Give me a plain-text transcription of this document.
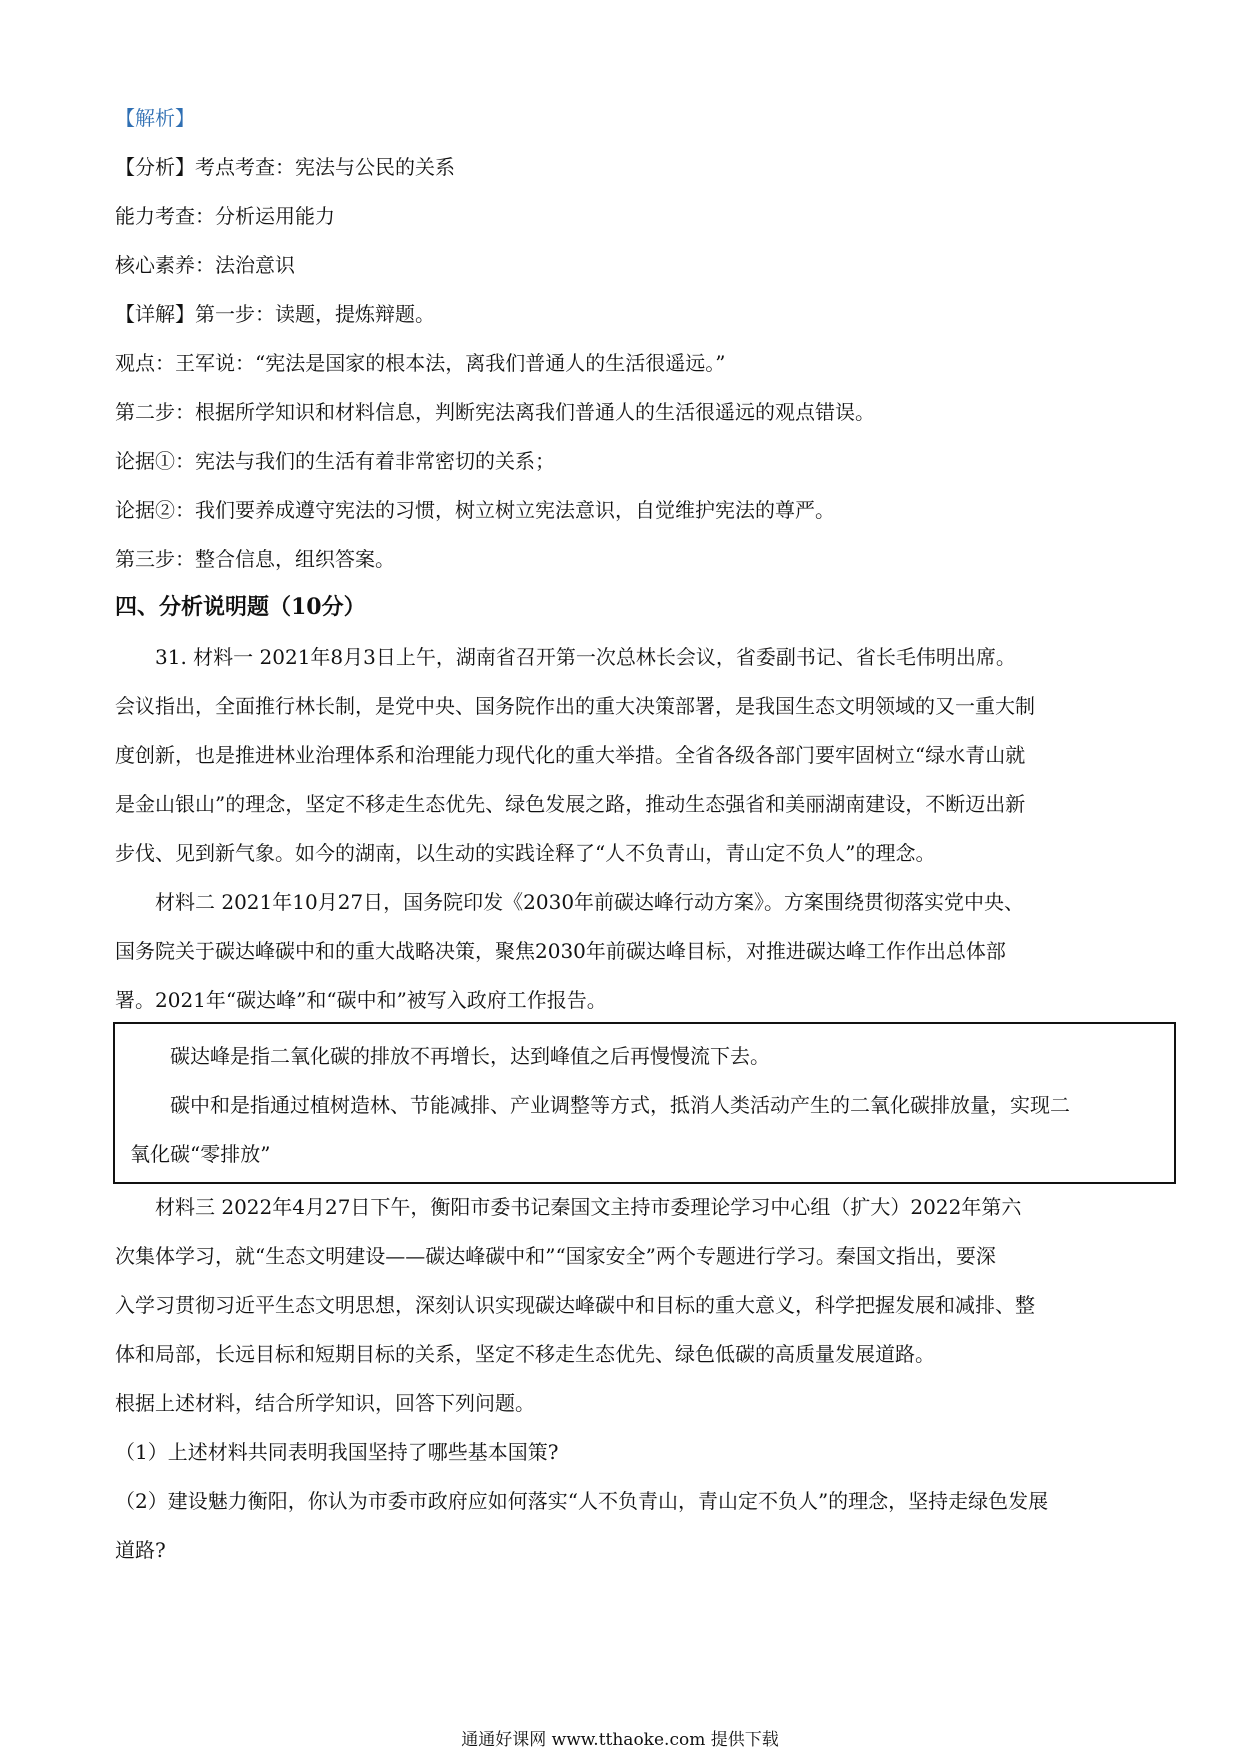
【解析】
【分析】考点考查：宪法与公民的关系
能力考查：分析运用能力
核心素养：法治意识
【详解】第一步：读题，提炼辩题。
观点：王军说：“宪法是国家的根本法，离我们普通人的生活很遥远。”
第二步：根据所学知识和材料信息，判断宪法离我们普通人的生活很遥远的观点错误。
论据①：宪法与我们的生活有着非常密切的关系；
论据②：我们要养成遵守宪法的习惯，树立树立宪法意识，自觉维护宪法的尊严。
第三步：整合信息，组织答案。
四、分析说明题（10分）
31. 材料一 2021年8月3日上午，湖南省召开第一次总林长会议，省委副书记、省长毛伟明出席。
会议指出，全面推行林长制，是党中央、国务院作出的重大决策部署，是我国生态文明领域的又一重大制
度创新，也是推进林业治理体系和治理能力现代化的重大举措。全省各级各部门要牢固树立“绿水青山就
是金山银山”的理念，坚定不移走生态优先、绿色发展之路，推动生态强省和美丽湖南建设，不断迈出新
步伐、见到新气象。如今的湖南，以生动的实践诠释了“人不负青山，青山定不负人”的理念。
材料二 2021年10月27日，国务院印发《2030年前碳达峰行动方案》。方案围绕贯彻落实党中央、
国务院关于碳达峰碳中和的重大战略决策，聚焦2030年前碳达峰目标，对推进碳达峰工作作出总体部
署。2021年“碳达峰”和“碳中和”被写入政府工作报告。
碳达峰是指二氧化碳的排放不再增长，达到峰值之后再慢慢流下去。
碳中和是指通过植树造林、节能减排、产业调整等方式，抵消人类活动产生的二氧化碳排放量，实现二
氧化碳“零排放”
材料三 2022年4月27日下午，衡阳市委书记秦国文主持市委理论学习中心组（扩大）2022年第六
次集体学习，就“生态文明建设——碳达峰碳中和”“国家安全”两个专题进行学习。秦国文指出，要深
入学习贯彻习近平生态文明思想，深刻认识实现碳达峰碳中和目标的重大意义，科学把握发展和减排、整
体和局部，长远目标和短期目标的关系，坚定不移走生态优先、绿色低碳的高质量发展道路。
根据上述材料，结合所学知识，回答下列问题。
（1）上述材料共同表明我国坚持了哪些基本国策?
（2）建设魅力衡阳，你认为市委市政府应如何落实“人不负青山，青山定不负人”的理念，坚持走绿色发展
道路?
通通好课网 www.tthaoke.com 提供下载
